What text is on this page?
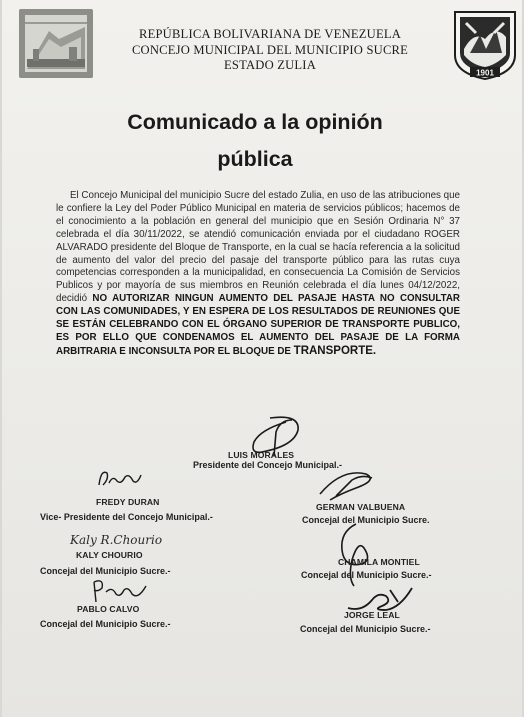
1901
REPÚBLICA BOLIVARIANA DE VENEZUELA
CONCEJO MUNICIPAL DEL MUNICIPIO SUCRE
ESTADO ZULIA
Comunicado a la opinión
pública
El Concejo Municipal del municipio Sucre del estado Zulia, en uso de las atribuciones que le confiere la Ley del Poder Público Municipal en materia de servicios públicos; hacemos de el conocimiento a la población en general del municipio que en Sesión Ordinaria N° 37 celebrada el día 30/11/2022, se atendió comunicación enviada por el ciudadano ROGER ALVARADO presidente del Bloque de Transporte, en la cual se hacía referencia a la solicitud de aumento del valor del precio del pasaje del transporte público para las rutas cuya competencias corresponden a la municipalidad, en consecuencia La Comisión de Servicios Publicos y por mayoría de sus miembros en Reunión celebrada el día lunes 04/12/2022, decidió NO AUTORIZAR NINGUN AUMENTO DEL PASAJE HASTA NO CONSULTAR CON LAS COMUNIDADES, Y EN ESPERA DE LOS RESULTADOS DE REUNIONES QUE SE ESTÁN CELEBRANDO CON EL ÓRGANO SUPERIOR DE TRANSPORTE PUBLICO, ES POR ELLO QUE CONDENAMOS EL AUMENTO DEL PASAJE DE LA FORMA ARBITRARIA E INCONSULTA POR EL BLOQUE DE TRANSPORTE.
LUIS MORALES
Presidente del Concejo Municipal.-
FREDY DURAN
Vice- Presidente del Concejo Municipal.-
GERMAN VALBUENA
Concejal del Municipio Sucre.
Kaly R.Chourio
KALY CHOURIO
Concejal del Municipio Sucre.-
CHAMILA MONTIEL
Concejal del Municipio Sucre.-
PABLO CALVO
Concejal del Municipio Sucre.-
JORGE LEAL
Concejal del Municipio Sucre.-
